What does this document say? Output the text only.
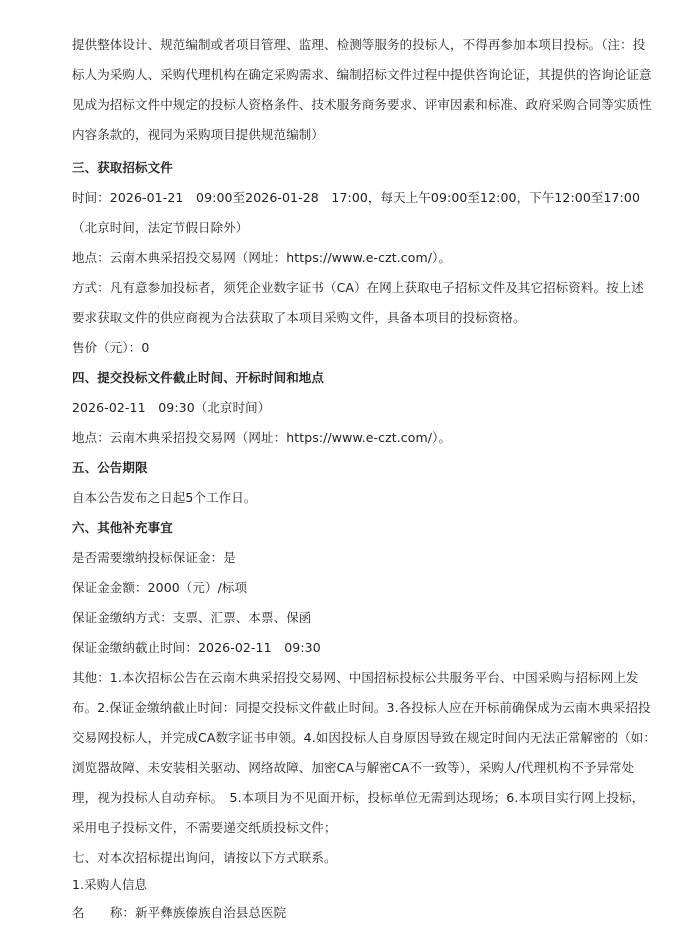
提供整体设计、规范编制或者项目管理、监理、检测等服务的投标人，不得再参加本项目投标。（注：投标人为采购人、采购代理机构在确定采购需求、编制招标文件过程中提供咨询论证，其提供的咨询论证意见成为招标文件中规定的投标人资格条件、技术服务商务要求、评审因素和标准、政府采购合同等实质性内容条款的，视同为采购项目提供规范编制）

三、获取招标文件

时间：2026-01-21　09:00至2026-01-28　17:00，每天上午09:00至12:00，下午12:00至17:00（北京时间，法定节假日除外）

地点：云南木典采招投交易网（网址：https://www.e-czt.com/）。

方式：凡有意参加投标者，须凭企业数字证书（CA）在网上获取电子招标文件及其它招标资料。按上述要求获取文件的供应商视为合法获取了本项目采购文件，具备本项目的投标资格。

售价（元）：0

四、提交投标文件截止时间、开标时间和地点

2026-02-11　09:30（北京时间）

地点：云南木典采招投交易网（网址：https://www.e-czt.com/）。

五、公告期限

自本公告发布之日起5个工作日。

六、其他补充事宜

是否需要缴纳投标保证金：是

保证金金额：2000（元）/标项

保证金缴纳方式：支票、汇票、本票、保函

保证金缴纳截止时间：2026-02-11　09:30

其他：1.本次招标公告在云南木典采招投交易网、中国招标投标公共服务平台、中国采购与招标网上发布。2.保证金缴纳截止时间：同提交投标文件截止时间。3.各投标人应在开标前确保成为云南木典采招投交易网投标人，并完成CA数字证书申领。4.如因投标人自身原因导致在规定时间内无法正常解密的（如：浏览器故障、未安装相关驱动、网络故障、加密CA与解密CA不一致等），采购人/代理机构不予异常处理，视为投标人自动弃标。　5.本项目为不见面开标，投标单位无需到达现场；6.本项目实行网上投标，采用电子投标文件，不需要递交纸质投标文件；

七、对本次招标提出询问，请按以下方式联系。

1.采购人信息

名　　称：新平彝族傣族自治县总医院
